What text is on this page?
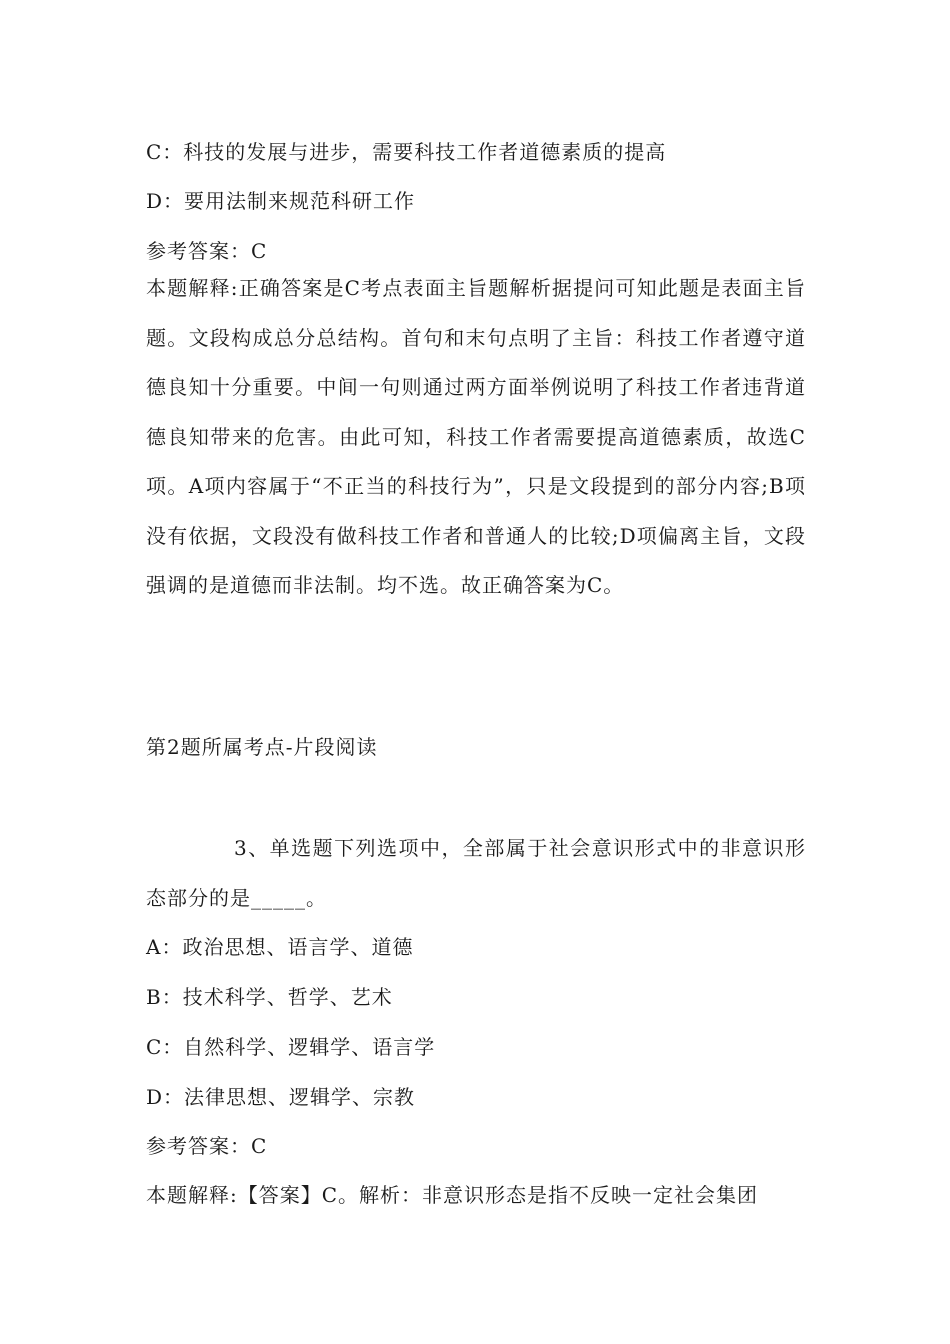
C：科技的发展与进步，需要科技工作者道德素质的提高
D：要用法制来规范科研工作
参考答案：C
本题解释:正确答案是C考点表面主旨题解析据提问可知此题是表面主旨题。文段构成总分总结构。首句和末句点明了主旨：科技工作者遵守道德良知十分重要。中间一句则通过两方面举例说明了科技工作者违背道德良知带来的危害。由此可知，科技工作者需要提高道德素质，故选C项。A项内容属于“不正当的科技行为”，只是文段提到的部分内容;B项没有依据，文段没有做科技工作者和普通人的比较;D项偏离主旨，文段强调的是道德而非法制。均不选。故正确答案为C。
第2题所属考点-片段阅读
3、单选题下列选项中，全部属于社会意识形式中的非意识形态部分的是_____。
A：政治思想、语言学、道德
B：技术科学、哲学、艺术
C：自然科学、逻辑学、语言学
D：法律思想、逻辑学、宗教
参考答案：C
本题解释:【答案】C。解析：非意识形态是指不反映一定社会集团
